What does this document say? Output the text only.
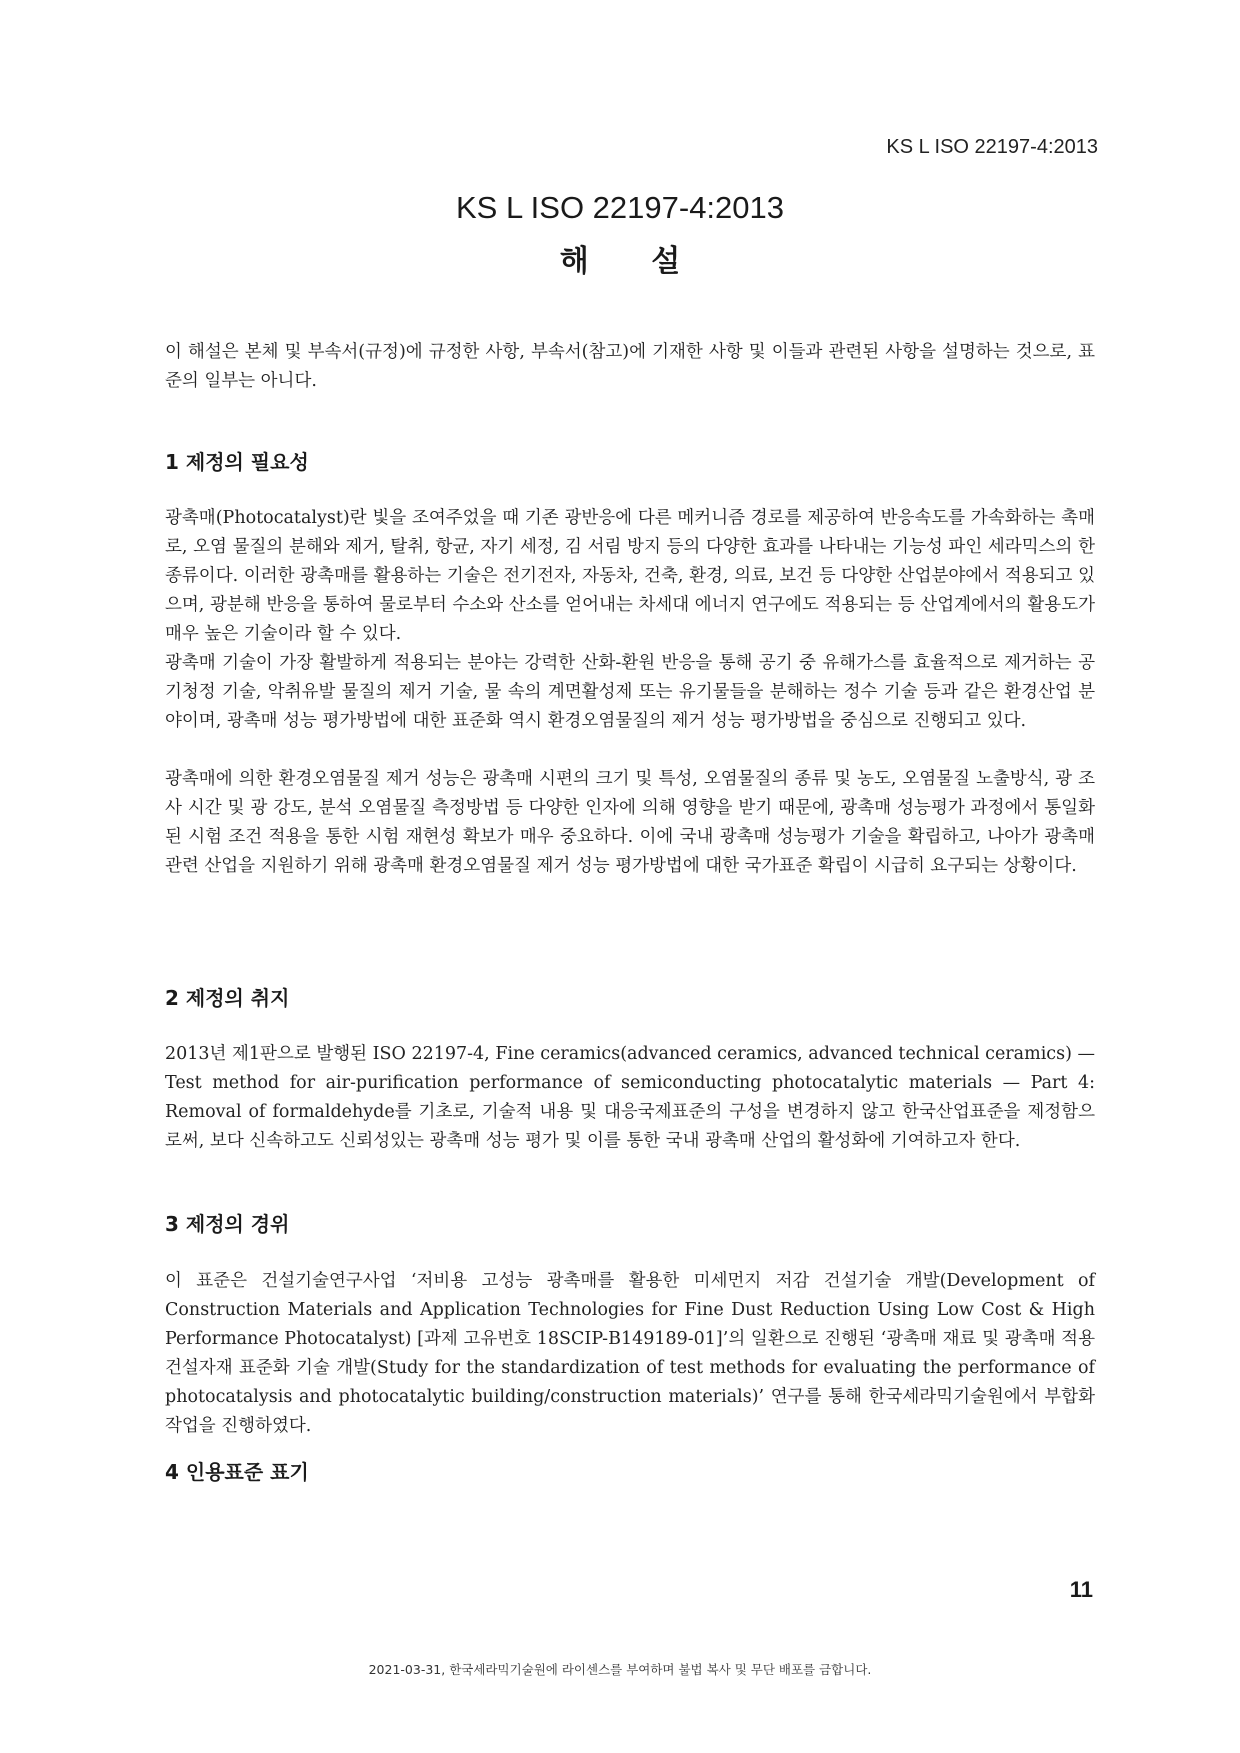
KS L ISO 22197-4:2013
KS L ISO 22197-4:2013
해 설

이 해설은 본체 및 부속서(규정)에 규정한 사항, 부속서(참고)에 기재한 사항 및 이들과 관련된 사항을 설명하는 것으로, 표준의 일부는 아니다.

1 제정의 필요성

광촉매(Photocatalyst)란 빛을 조여주었을 때 기존 광반응에 다른 메커니즘 경로를 제공하여 반응속도를 가속화하는 촉매로, 오염 물질의 분해와 제거, 탈취, 항균, 자기 세정, 김 서림 방지 등의 다양한 효과를 나타내는 기능성 파인 세라믹스의 한 종류이다. 이러한 광촉매를 활용하는 기술은 전기전자, 자동차, 건축, 환경, 의료, 보건 등 다양한 산업분야에서 적용되고 있으며, 광분해 반응을 통하여 물로부터 수소와 산소를 얻어내는 차세대 에너지 연구에도 적용되는 등 산업계에서의 활용도가 매우 높은 기술이라 할 수 있다.

광촉매 기술이 가장 활발하게 적용되는 분야는 강력한 산화-환원 반응을 통해 공기 중 유해가스를 효율적으로 제거하는 공기청정 기술, 악취유발 물질의 제거 기술, 물 속의 계면활성제 또는 유기물들을 분해하는 정수 기술 등과 같은 환경산업 분야이며, 광촉매 성능 평가방법에 대한 표준화 역시 환경오염물질의 제거 성능 평가방법을 중심으로 진행되고 있다.

광촉매에 의한 환경오염물질 제거 성능은 광촉매 시편의 크기 및 특성, 오염물질의 종류 및 농도, 오염물질 노출방식, 광 조사 시간 및 광 강도, 분석 오염물질 측정방법 등 다양한 인자에 의해 영향을 받기 때문에, 광촉매 성능평가 과정에서 통일화된 시험 조건 적용을 통한 시험 재현성 확보가 매우 중요하다. 이에 국내 광촉매 성능평가 기술을 확립하고, 나아가 광촉매 관련 산업을 지원하기 위해 광촉매 환경오염물질 제거 성능 평가방법에 대한 국가표준 확립이 시급히 요구되는 상황이다.

2 제정의 취지

2013년 제1판으로 발행된 ISO 22197-4, Fine ceramics(advanced ceramics, advanced technical ceramics) — Test method for air-purification performance of semiconducting photocatalytic materials — Part 4: Removal of formaldehyde를 기초로, 기술적 내용 및 대응국제표준의 구성을 변경하지 않고 한국산업표준을 제정함으로써, 보다 신속하고도 신뢰성있는 광촉매 성능 평가 및 이를 통한 국내 광촉매 산업의 활성화에 기여하고자 한다.

3 제정의 경위

이 표준은 건설기술연구사업 ‘저비용 고성능 광촉매를 활용한 미세먼지 저감 건설기술 개발(Development of Construction Materials and Application Technologies for Fine Dust Reduction Using Low Cost & High Performance Photocatalyst) [과제 고유번호 18SCIP-B149189-01]’의 일환으로 진행된 ‘광촉매 재료 및 광촉매 적용 건설자재 표준화 기술 개발(Study for the standardization of test methods for evaluating the performance of photocatalysis and photocatalytic building/construction materials)’ 연구를 통해 한국세라믹기술원에서 부합화 작업을 진행하였다.

4 인용표준 표기
11
2021-03-31, 한국세라믹기술원에 라이센스를 부여하며 불법 복사 및 무단 배포를 금합니다.
